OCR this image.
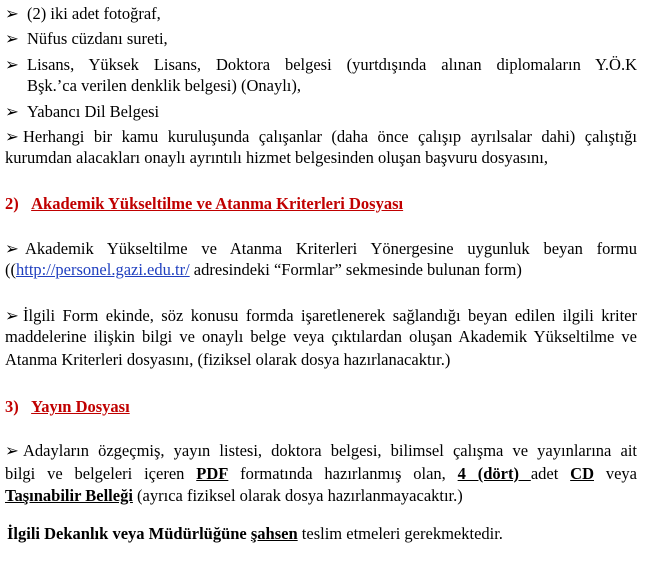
➢ (2) iki adet fotoğraf,
➢ Nüfus cüzdanı sureti,
➢ Lisans, Yüksek Lisans, Doktora belgesi (yurtdışında alınan diplomaların Y.Ö.K
Bşk.’ca verilen denklik belgesi) (Onaylı),
➢ Yabancı Dil Belgesi
➢ Herhangi bir kamu kuruluşunda çalışanlar (daha önce çalışıp ayrılsalar dahi) çalıştığı
kurumdan alacakları onaylı ayrıntılı hizmet belgesinden oluşan başvuru dosyasını,
2) Akademik Yükseltilme ve Atanma Kriterleri Dosyası
➢ Akademik Yükseltilme ve Atanma Kriterleri Yönergesine uygunluk beyan formu
((http://personel.gazi.edu.tr/ adresindeki “Formlar” sekmesinde bulunan form)
➢ İlgili Form ekinde, söz konusu formda işaretlenerek sağlandığı beyan edilen ilgili kriter
maddelerine ilişkin bilgi ve onaylı belge veya çıktılardan oluşan Akademik Yükseltilme ve
Atanma Kriterleri dosyasını, (fiziksel olarak dosya hazırlanacaktır.)
3) Yayın Dosyası
➢ Adayların özgeçmiş, yayın listesi, doktora belgesi, bilimsel çalışma ve yayınlarına ait
bilgi ve belgeleri içeren PDF formatında hazırlanmış olan, 4 (dört) adet CD veya
Taşınabilir Belleği (ayrıca fiziksel olarak dosya hazırlanmayacaktır.)
İlgili Dekanlık veya Müdürlüğüne şahsen teslim etmeleri gerekmektedir.
